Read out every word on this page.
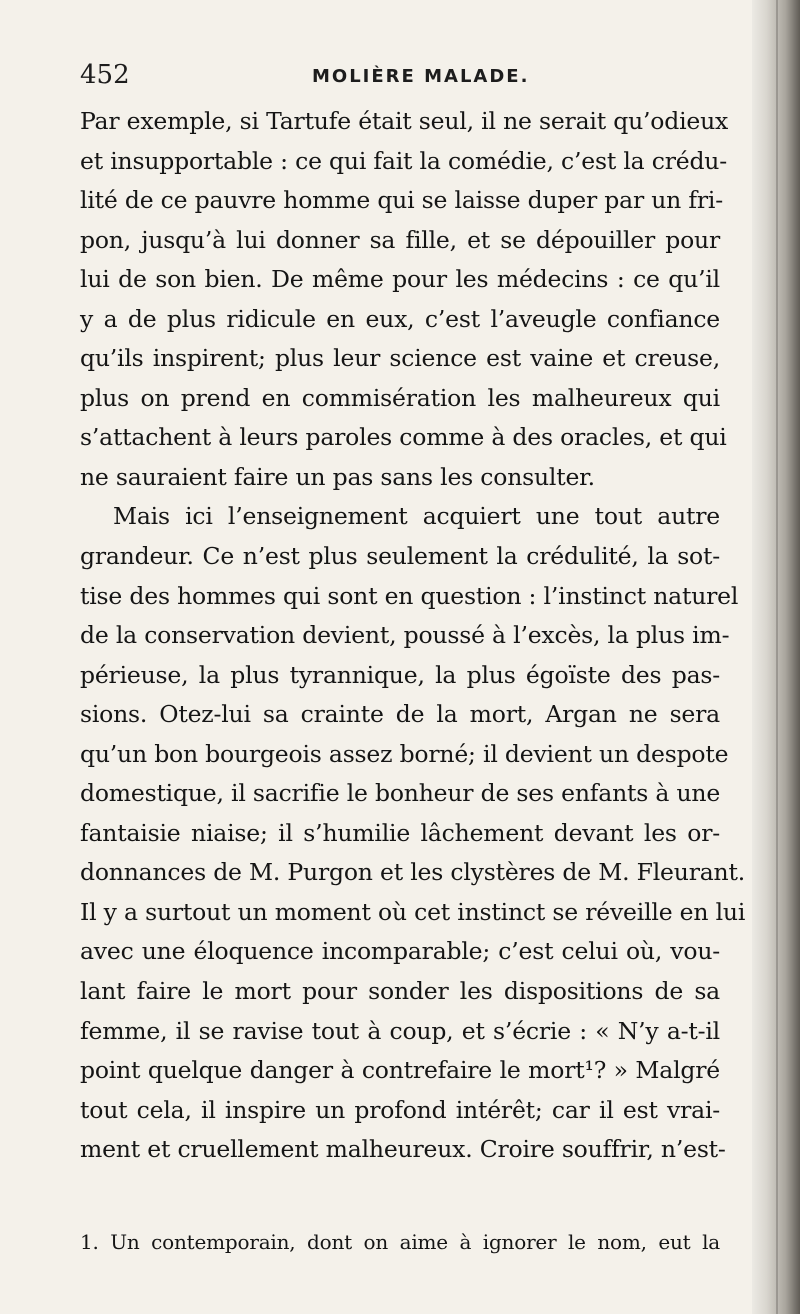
452	MOLIÈRE MALADE.
Par exemple, si Tartufe était seul, il ne serait qu’odieux
et insupportable : ce qui fait la comédie, c’est la crédu-
lité de ce pauvre homme qui se laisse duper par un fri-
pon, jusqu’à lui donner sa fille, et se dépouiller pour
lui de son bien. De même pour les médecins : ce qu’il
y a de plus ridicule en eux, c’est l’aveugle confiance
qu’ils inspirent; plus leur science est vaine et creuse,
plus on prend en commisération les malheureux qui
s’attachent à leurs paroles comme à des oracles, et qui
ne sauraient faire un pas sans les consulter.
Mais ici l’enseignement acquiert une tout autre
grandeur. Ce n’est plus seulement la crédulité, la sot-
tise des hommes qui sont en question : l’instinct naturel
de la conservation devient, poussé à l’excès, la plus im-
périeuse, la plus tyrannique, la plus égoïste des pas-
sions. Otez-lui sa crainte de la mort, Argan ne sera
qu’un bon bourgeois assez borné; il devient un despote
domestique, il sacrifie le bonheur de ses enfants à une
fantaisie niaise; il s’humilie lâchement devant les or-
donnances de M. Purgon et les clystères de M. Fleurant.
Il y a surtout un moment où cet instinct se réveille en lui
avec une éloquence incomparable; c’est celui où, vou-
lant faire le mort pour sonder les dispositions de sa
femme, il se ravise tout à coup, et s’écrie : « N’y a-t-il
point quelque danger à contrefaire le mort¹? » Malgré
tout cela, il inspire un profond intérêt; car il est vrai-
ment et cruellement malheureux. Croire souffrir, n’est-
1. Un contemporain, dont on aime à ignorer le nom, eut la
